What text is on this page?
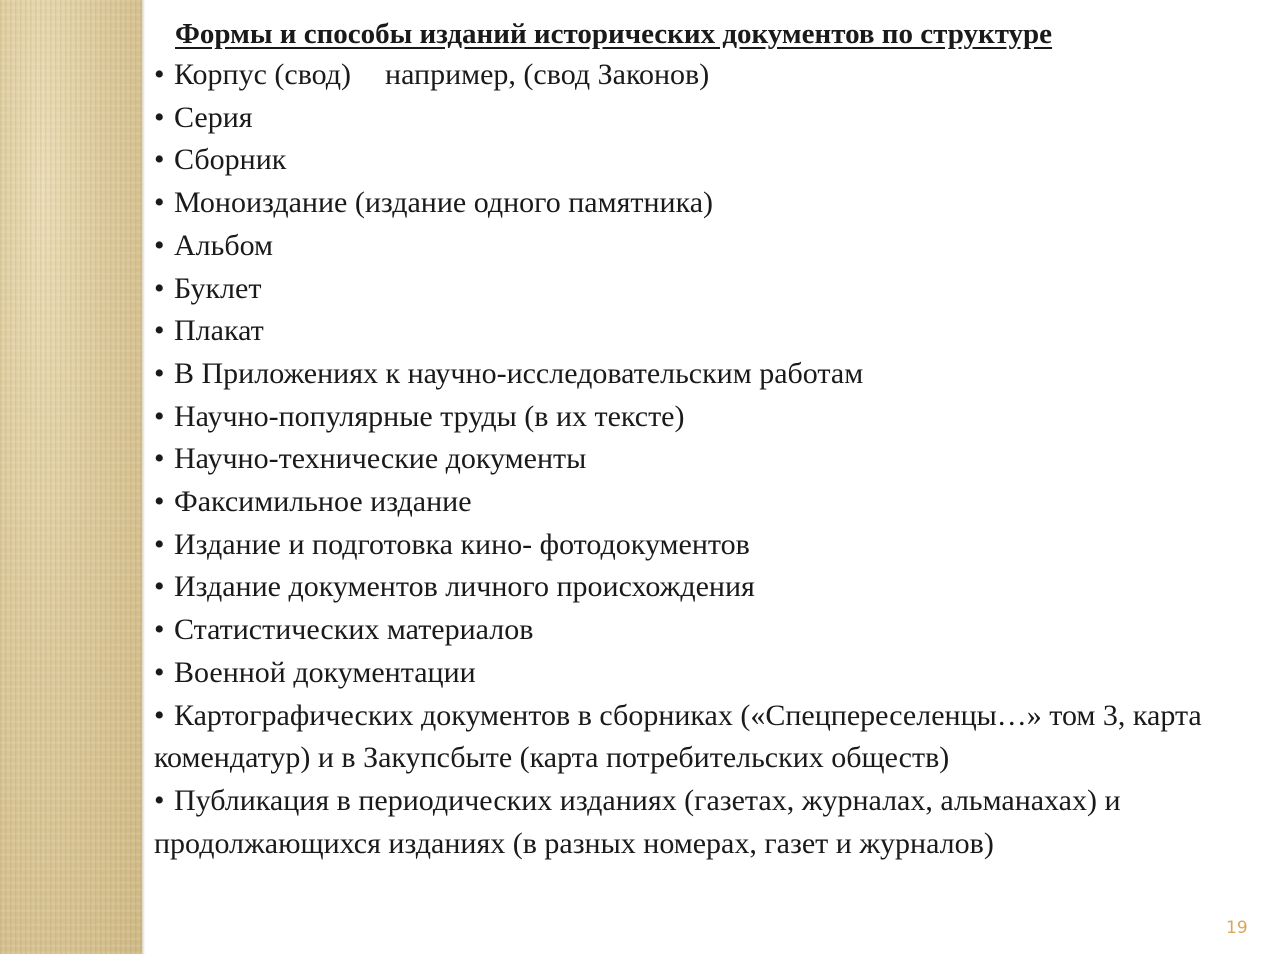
Формы и способы изданий исторических документов по структуре
• Корпус (свод) например, (свод Законов)
• Серия
• Сборник
• Моноиздание (издание одного памятника)
• Альбом
• Буклет
• Плакат
• В Приложениях к научно-исследовательским работам
• Научно-популярные труды (в их тексте)
• Научно-технические документы
• Факсимильное издание
• Издание и подготовка кино- фотодокументов
• Издание документов личного происхождения
• Статистических материалов
• Военной документации
• Картографических документов в сборниках («Спецпереселенцы…» том 3, карта комендатур) и в Закупсбыте (карта потребительских обществ)
• Публикация в периодических изданиях (газетах, журналах, альманахах) и продолжающихся изданиях (в разных номерах, газет и журналов)
19
